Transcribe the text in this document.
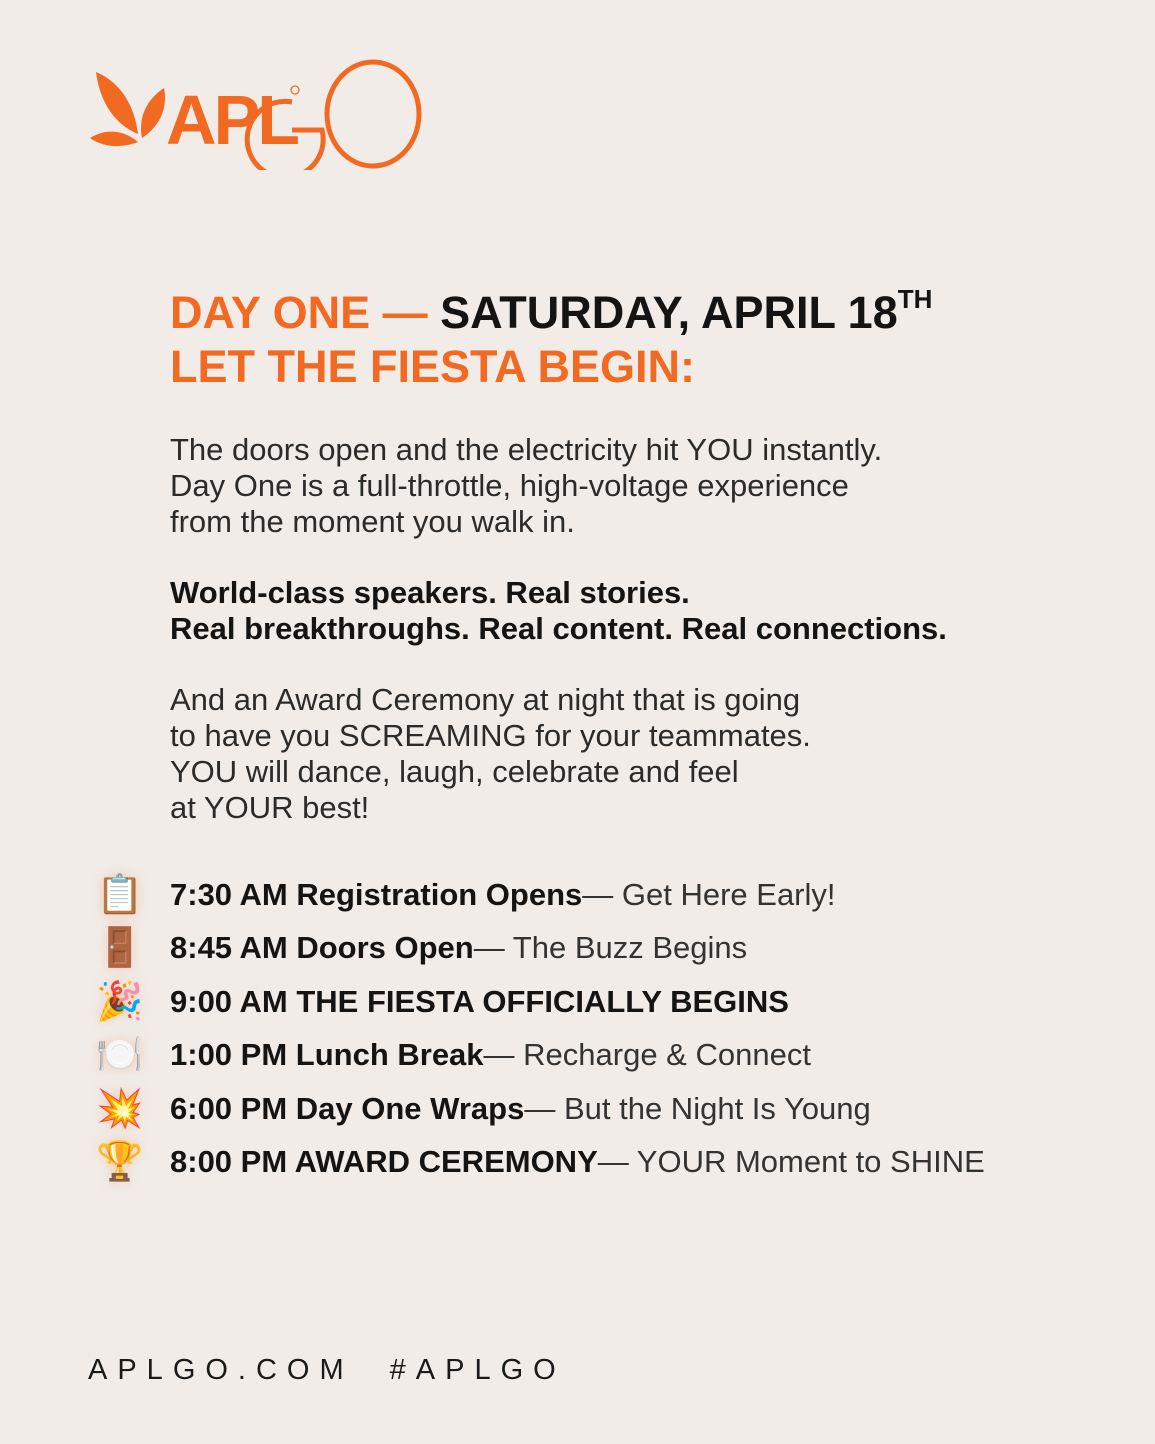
APL
DAY ONE — SATURDAY, APRIL 18TH
LET THE FIESTA BEGIN:

The doors open and the electricity hit YOU instantly.
Day One is a full-throttle, high-voltage experience
from the moment you walk in.

World-class speakers. Real stories.
Real breakthroughs. Real content. Real connections.

And an Award Ceremony at night that is going
to have you SCREAMING for your teammates.
YOU will dance, laugh, celebrate and feel
at YOUR best!

📋 7:30 AM Registration Opens — Get Here Early!
🚪 8:45 AM Doors Open — The Buzz Begins
🎉 9:00 AM THE FIESTA OFFICIALLY BEGINS
🍽️ 1:00 PM Lunch Break — Recharge & Connect
💥 6:00 PM Day One Wraps — But the Night Is Young
🏆 8:00 PM AWARD CEREMONY — YOUR Moment to SHINE
APLGO.COM #APLGO
